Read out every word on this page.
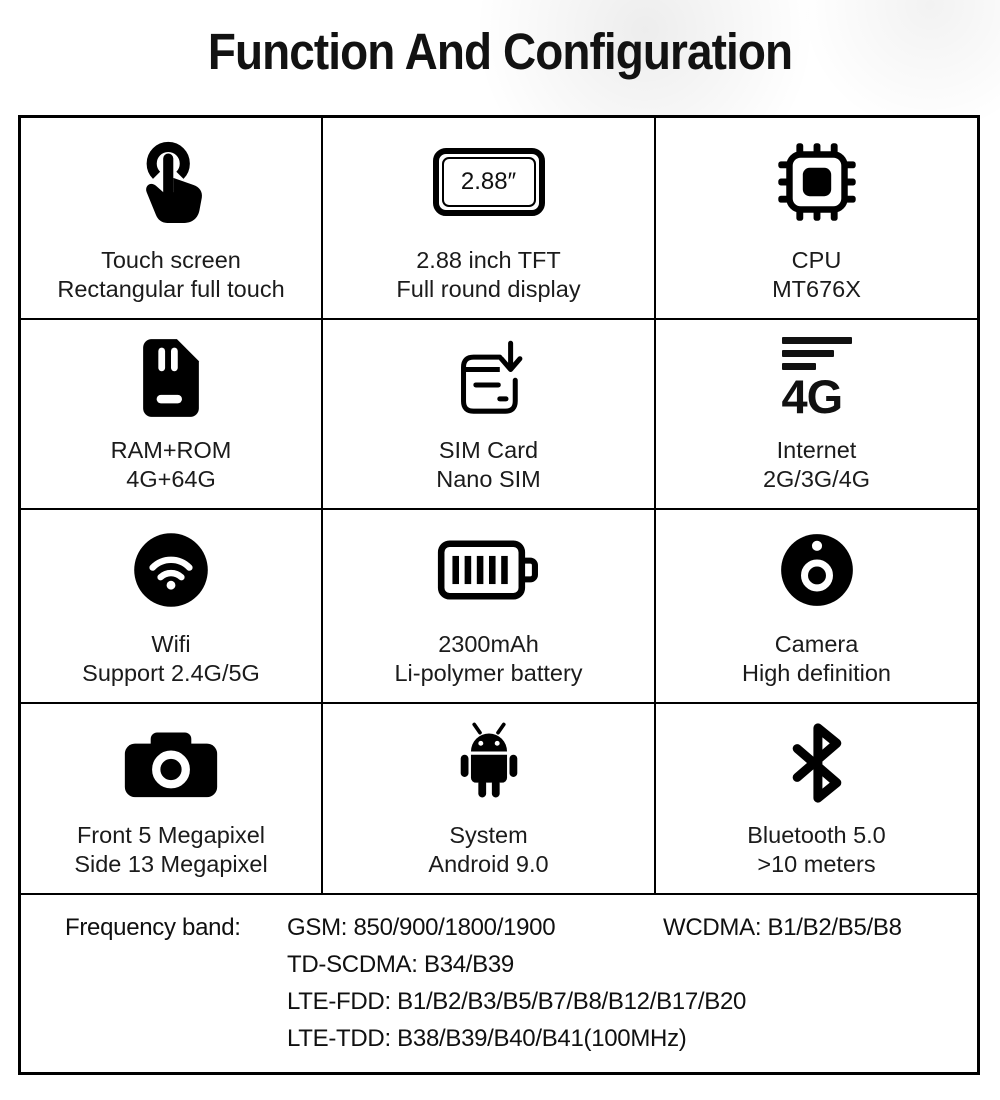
Function And Configuration
Touch screen
Rectangular full touch
2.88″
2.88 inch TFT
Full round display
CPU
MT676X
RAM+ROM
4G+64G
SIM Card
Nano SIM
4G
Internet
2G/3G/4G
Wifi
Support 2.4G/5G
2300mAh
Li-polymer battery
Camera
High definition
Front 5 Megapixel
Side 13 Megapixel
System
Android 9.0
Bluetooth 5.0
>10 meters
Frequency band:	WCDMA: B1/B2/B5/B8
GSM: 850/900/1800/1900
TD-SCDMA: B34/B39
LTE-FDD: B1/B2/B3/B5/B7/B8/B12/B17/B20
LTE-TDD: B38/B39/B40/B41(100MHz)
